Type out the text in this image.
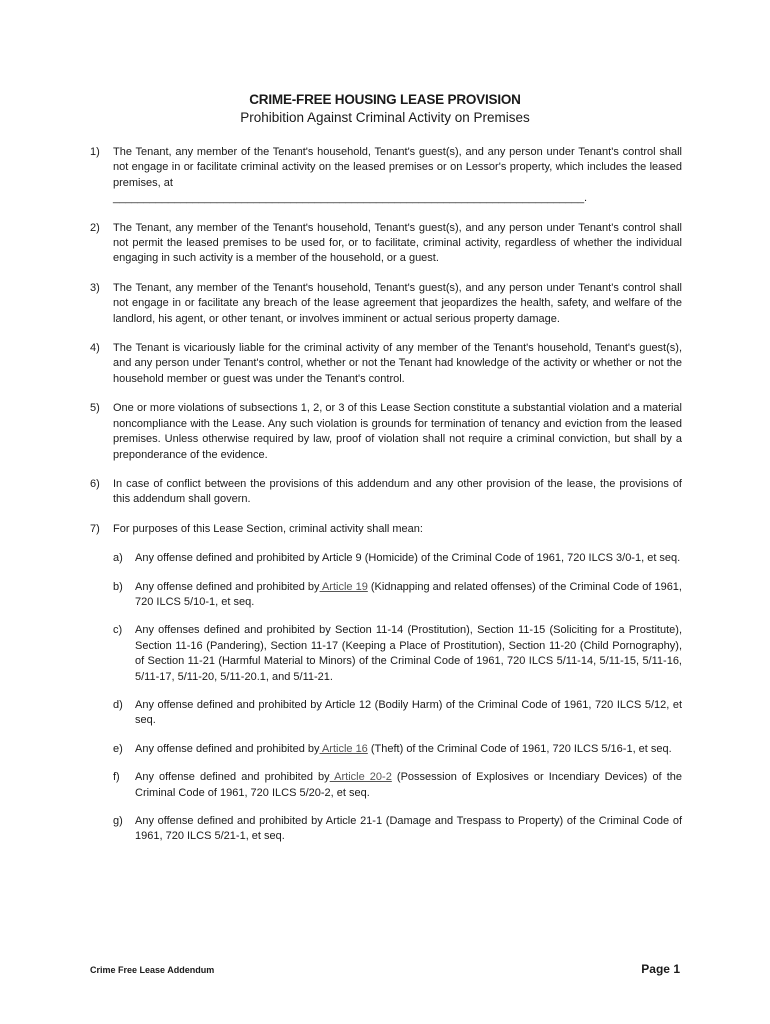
CRIME-FREE HOUSING LEASE PROVISION
Prohibition Against Criminal Activity on Premises
1) The Tenant, any member of the Tenant's household, Tenant's guest(s), and any person under Tenant's control shall not engage in or facilitate criminal activity on the leased premises or on Lessor's property, which includes the leased premises, at
_____________________________________________________________________________.
2) The Tenant, any member of the Tenant's household, Tenant's guest(s), and any person under Tenant's control shall not permit the leased premises to be used for, or to facilitate, criminal activity, regardless of whether the individual engaging in such activity is a member of the household, or a guest.
3) The Tenant, any member of the Tenant's household, Tenant's guest(s), and any person under Tenant's control shall not engage in or facilitate any breach of the lease agreement that jeopardizes the health, safety, and welfare of the landlord, his agent, or other tenant, or involves imminent or actual serious property damage.
4) The Tenant is vicariously liable for the criminal activity of any member of the Tenant's household, Tenant's guest(s), and any person under Tenant's control, whether or not the Tenant had knowledge of the activity or whether or not the household member or guest was under the Tenant's control.
5) One or more violations of subsections 1, 2, or 3 of this Lease Section constitute a substantial violation and a material noncompliance with the Lease. Any such violation is grounds for termination of tenancy and eviction from the leased premises. Unless otherwise required by law, proof of violation shall not require a criminal conviction, but shall by a preponderance of the evidence.
6) In case of conflict between the provisions of this addendum and any other provision of the lease, the provisions of this addendum shall govern.
7) For purposes of this Lease Section, criminal activity shall mean:
a) Any offense defined and prohibited by Article 9 (Homicide) of the Criminal Code of 1961, 720 ILCS 3/0-1, et seq.
b) Any offense defined and prohibited by Article 19 (Kidnapping and related offenses) of the Criminal Code of 1961, 720 ILCS 5/10-1, et seq.
c) Any offenses defined and prohibited by Section 11-14 (Prostitution), Section 11-15 (Soliciting for a Prostitute), Section 11-16 (Pandering), Section 11-17 (Keeping a Place of Prostitution), Section 11-20 (Child Pornography), of Section 11-21 (Harmful Material to Minors) of the Criminal Code of 1961, 720 ILCS 5/11-14, 5/11-15, 5/11-16, 5/11-17, 5/11-20, 5/11-20.1, and 5/11-21.
d) Any offense defined and prohibited by Article 12 (Bodily Harm) of the Criminal Code of 1961, 720 ILCS 5/12, et seq.
e) Any offense defined and prohibited by Article 16 (Theft) of the Criminal Code of 1961, 720 ILCS 5/16-1, et seq.
f) Any offense defined and prohibited by Article 20-2 (Possession of Explosives or Incendiary Devices) of the Criminal Code of 1961, 720 ILCS 5/20-2, et seq.
g) Any offense defined and prohibited by Article 21-1 (Damage and Trespass to Property) of the Criminal Code of 1961, 720 ILCS 5/21-1, et seq.
Crime Free Lease Addendum	Page 1
